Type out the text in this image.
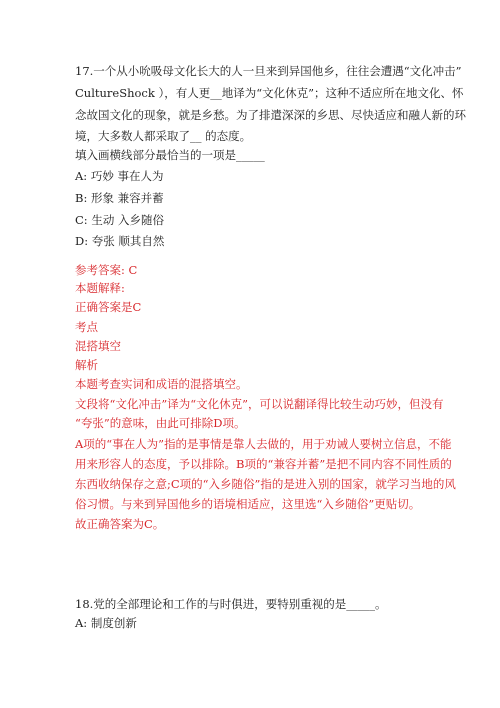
17.一个从小吮吸母文化长大的人一旦来到异国他乡，往往会遭遇“文化冲击”
CultureShock ），有人更__地译为“文化休克”；这种不适应所在地文化、怀
念故国文化的现象，就是乡愁。为了排遣深深的乡思、尽快适应和融人新的环
境，大多数人都采取了__ 的态度。
填入画横线部分最恰当的一项是_____
A: 巧妙 事在人为
B: 形象 兼容并蓄
C: 生动 入乡随俗
D: 夸张 顺其自然
参考答案: C
本题解释:
正确答案是C
考点
混搭填空
解析
本题考查实词和成语的混搭填空。
文段将“文化冲击”译为“文化休克”，可以说翻译得比较生动巧妙，但没有
“夸张”的意味，由此可排除D项。
A项的“事在人为”指的是事情是靠人去做的，用于劝诫人要树立信息，不能
用来形容人的态度，予以排除。B项的“兼容并蓄”是把不同内容不同性质的
东西收纳保存之意;C项的“入乡随俗”指的是进入别的国家，就学习当地的风
俗习惯。与来到异国他乡的语境相适应，这里选“入乡随俗”更贴切。
故正确答案为C。
18.党的全部理论和工作的与时俱进，要特别重视的是_____。
A: 制度创新
